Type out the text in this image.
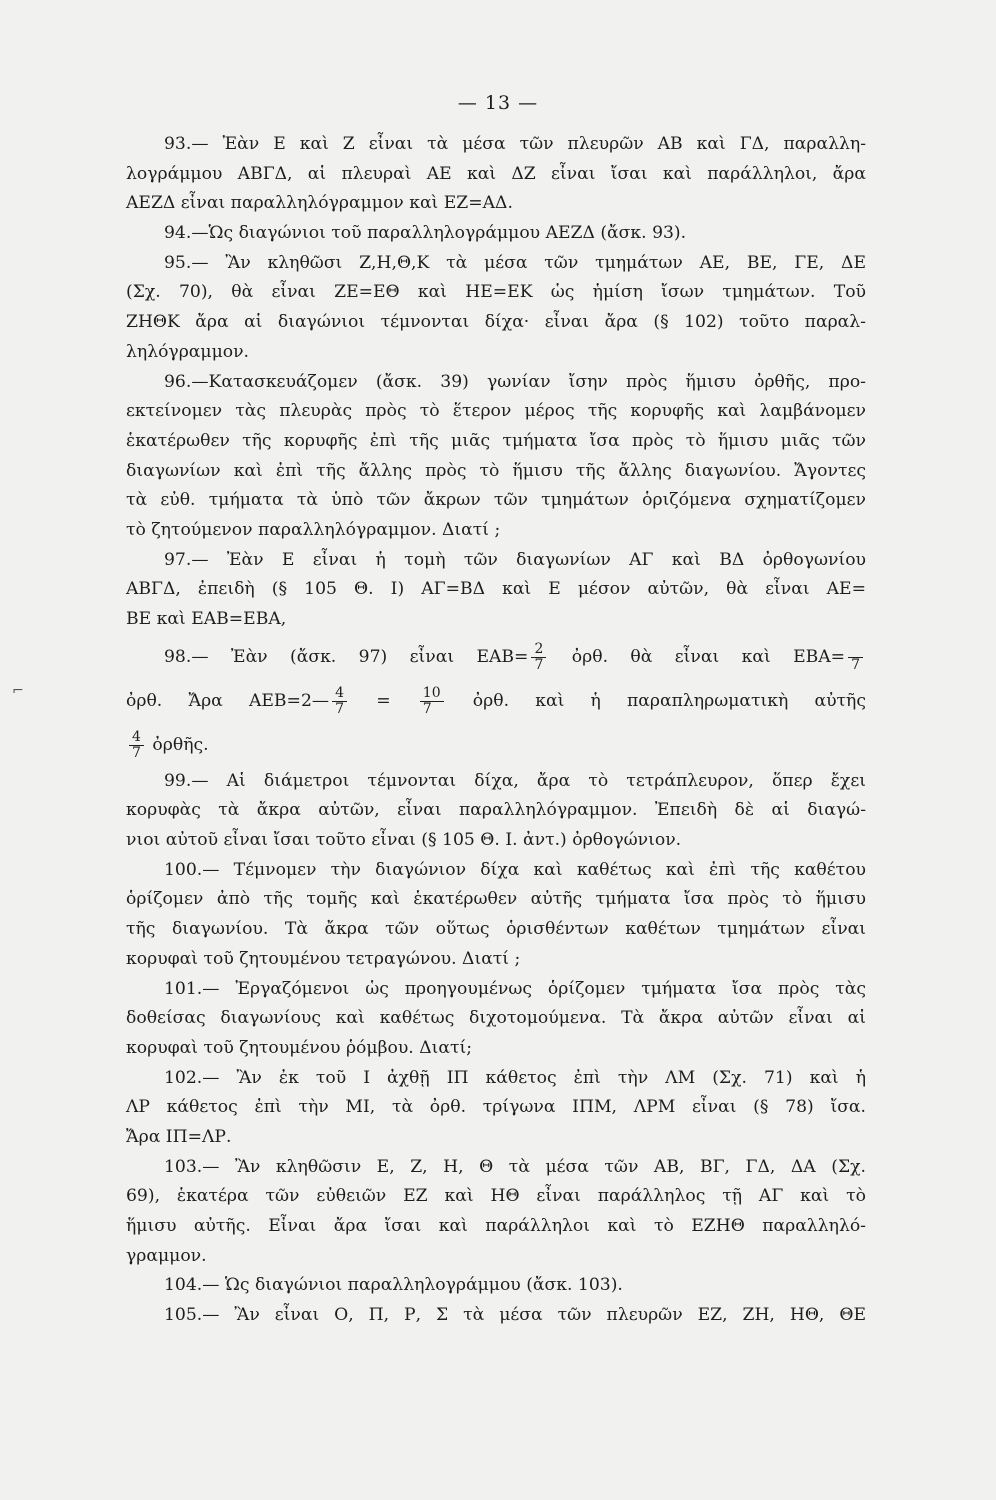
⌐
— 13 —
93.— Ἐὰν Ε καὶ Ζ εἶναι τὰ μέσα τῶν πλευρῶν ΑΒ καὶ ΓΔ, παραλλη-
λογράμμου ΑΒΓΔ, αἱ πλευραὶ ΑΕ καὶ ΔΖ εἶναι ἴσαι καὶ παράλληλοι, ἄρα
ΑΕΖΔ εἶναι παραλληλόγραμμον καὶ ΕΖ=ΑΔ.
94.—Ὡς διαγώνιοι τοῦ παραλληλογράμμου ΑΕΖΔ (ἄσκ. 93).
95.— Ἂν κληθῶσι Ζ,Η,Θ,Κ τὰ μέσα τῶν τμημάτων ΑΕ, ΒΕ, ΓΕ, ΔΕ
(Σχ. 70), θὰ εἶναι ΖΕ=ΕΘ καὶ ΗΕ=ΕΚ ὡς ἡμίση ἴσων τμημάτων. Τοῦ
ΖΗΘΚ ἄρα αἱ διαγώνιοι τέμνονται δίχα· εἶναι ἄρα (§ 102) τοῦτο παραλ-
ληλόγραμμον.
96.—Κατασκευάζομεν (ἄσκ. 39) γωνίαν ἴσην πρὸς ἥμισυ ὀρθῆς, προ-
εκτείνομεν τὰς πλευρὰς πρὸς τὸ ἕτερον μέρος τῆς κορυφῆς καὶ λαμβάνομεν
ἑκατέρωθεν τῆς κορυφῆς ἐπὶ τῆς μιᾶς τμήματα ἴσα πρὸς τὸ ἥμισυ μιᾶς τῶν
διαγωνίων καὶ ἐπὶ τῆς ἄλλης πρὸς τὸ ἥμισυ τῆς ἄλλης διαγωνίου. Ἄγοντες
τὰ εὐθ. τμήματα τὰ ὑπὸ τῶν ἄκρων τῶν τμημάτων ὁριζόμενα σχηματίζομεν
τὸ ζητούμενον παραλληλόγραμμον. Διατί ;
97.— Ἐὰν Ε εἶναι ἡ τομὴ τῶν διαγωνίων ΑΓ καὶ ΒΔ ὀρθογωνίου
ΑΒΓΔ, ἐπειδὴ (§ 105 Θ. Ι) ΑΓ=ΒΔ καὶ Ε μέσον αὐτῶν, θὰ εἶναι ΑΕ=
ΒΕ καὶ ΕΑΒ=ΕΒΑ,
98.— Ἐὰν (ἄσκ. 97) εἶναι $EAB= \frac{2}{7}$ ὀρθ. θὰ εἶναι καὶ ΕΒΑ= 7
ὀρθ. Ἄρα ΑΕΒ=2— $\frac{4}{7} = \frac{10}{7}$ ὀρθ. καὶ ἡ παραπληρωματικὴ αὐτῆς
$\frac{4}{7}$ ὀρθῆς.
99.— Αἱ διάμετροι τέμνονται δίχα, ἄρα τὸ τετράπλευρον, ὅπερ ἔχει
κορυφὰς τὰ ἄκρα αὐτῶν, εἶναι παραλληλόγραμμον. Ἐπειδὴ δὲ αἱ διαγώ-
νιοι αὐτοῦ εἶναι ἴσαι τοῦτο εἶναι (§ 105 Θ. Ι. ἀντ.) ὀρθογώνιον.
100.— Τέμνομεν τὴν διαγώνιον δίχα καὶ καθέτως καὶ ἐπὶ τῆς καθέτου
ὁρίζομεν ἀπὸ τῆς τομῆς καὶ ἑκατέρωθεν αὐτῆς τμήματα ἴσα πρὸς τὸ ἥμισυ
τῆς διαγωνίου. Τὰ ἄκρα τῶν οὕτως ὁρισθέντων καθέτων τμημάτων εἶναι
κορυφαὶ τοῦ ζητουμένου τετραγώνου. Διατί ;
101.— Ἐργαζόμενοι ὡς προηγουμένως ὁρίζομεν τμήματα ἴσα πρὸς τὰς
δοθείσας διαγωνίους καὶ καθέτως διχοτομούμενα. Τὰ ἄκρα αὐτῶν εἶναι αἱ
κορυφαὶ τοῦ ζητουμένου ῥόμβου. Διατί;
102.— Ἂν ἐκ τοῦ Ι ἀχθῇ ΙΠ κάθετος ἐπὶ τὴν ΛΜ (Σχ. 71) καὶ ἡ
ΛΡ κάθετος ἐπὶ τὴν ΜΙ, τὰ ὀρθ. τρίγωνα ΙΠΜ, ΛΡΜ εἶναι (§ 78) ἴσα.
Ἄρα ΙΠ=ΛΡ.
103.— Ἂν κληθῶσιν Ε, Ζ, Η, Θ τὰ μέσα τῶν ΑΒ, ΒΓ, ΓΔ, ΔΑ (Σχ.
69), ἑκατέρα τῶν εὐθειῶν ΕΖ καὶ ΗΘ εἶναι παράλληλος τῇ ΑΓ καὶ τὸ
ἥμισυ αὐτῆς. Εἶναι ἄρα ἴσαι καὶ παράλληλοι καὶ τὸ ΕΖΗΘ παραλληλό-
γραμμον.
104.— Ὡς διαγώνιοι παραλληλογράμμου (ἄσκ. 103).
105.— Ἂν εἶναι Ο, Π, Ρ, Σ τὰ μέσα τῶν πλευρῶν ΕΖ, ΖΗ, ΗΘ, ΘΕ
